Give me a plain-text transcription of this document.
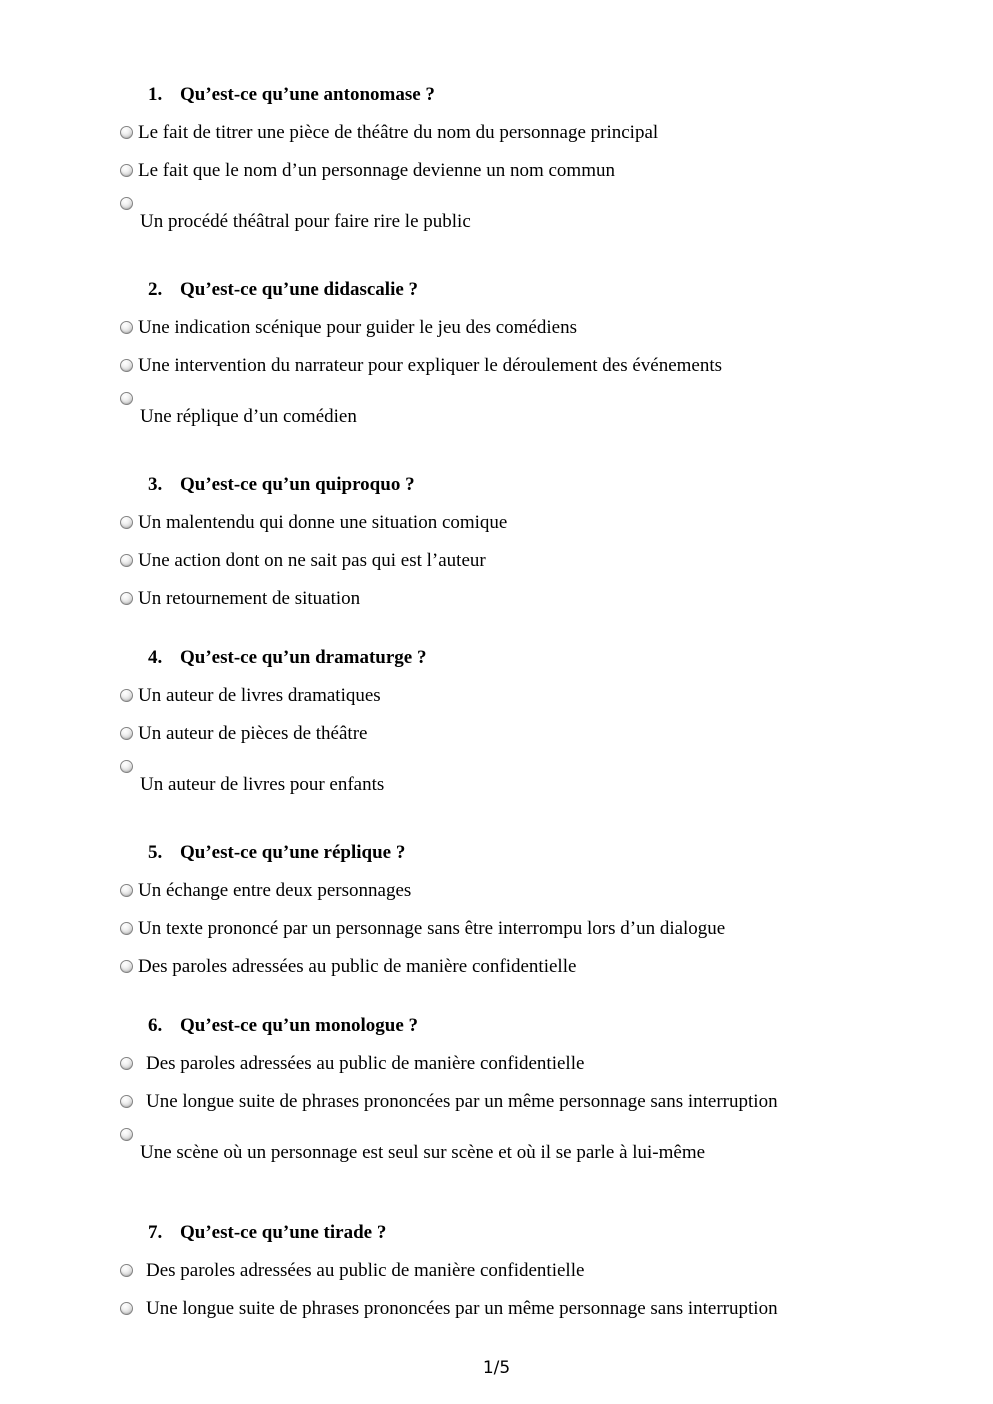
1. Qu’est-ce qu’une antonomase ?
Le fait de titrer une pièce de théâtre du nom du personnage principal
Le fait que le nom d’un personnage devienne un nom commun
Un procédé théâtral pour faire rire le public
2. Qu’est-ce qu’une didascalie ?
Une indication scénique pour guider le jeu des comédiens
Une intervention du narrateur pour expliquer le déroulement des événements
Une réplique d’un comédien
3. Qu’est-ce qu’un quiproquo ?
Un malentendu qui donne une situation comique
Une action dont on ne sait pas qui est l’auteur
Un retournement de situation
4. Qu’est-ce qu’un dramaturge ?
Un auteur de livres dramatiques
Un auteur de pièces de théâtre
Un auteur de livres pour enfants
5. Qu’est-ce qu’une réplique ?
Un échange entre deux personnages
Un texte prononcé par un personnage sans être interrompu lors d’un dialogue
Des paroles adressées au public de manière confidentielle
6. Qu’est-ce qu’un monologue ?
Des paroles adressées au public de manière confidentielle
Une longue suite de phrases prononcées par un même personnage sans interruption
Une scène où un personnage est seul sur scène et où il se parle à lui-même
7. Qu’est-ce qu’une tirade ?
Des paroles adressées au public de manière confidentielle
Une longue suite de phrases prononcées par un même personnage sans interruption
1/5
